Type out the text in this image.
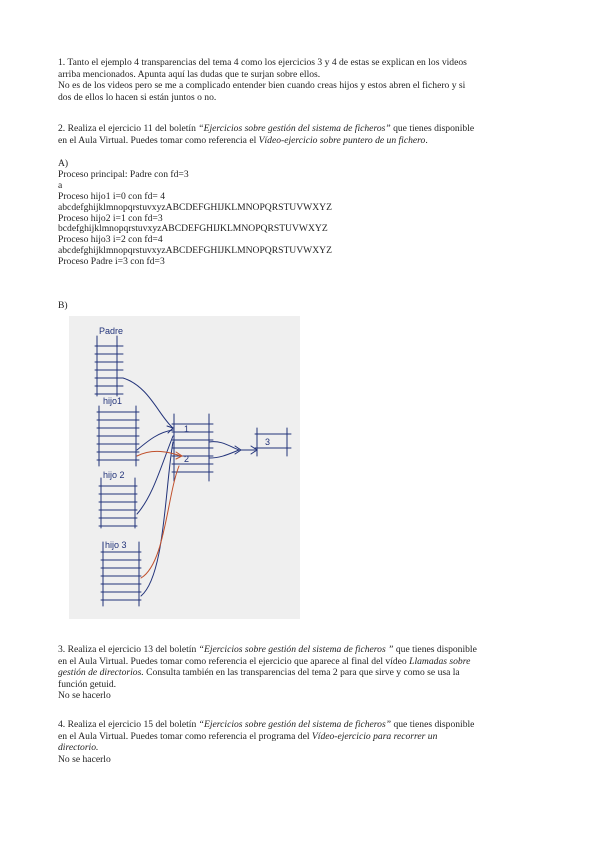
1. Tanto el ejemplo 4 transparencias del tema 4 como los ejercicios 3 y 4 de estas se explican en los videos
arriba mencionados. Apunta aquí las dudas que te surjan sobre ellos.
No es de los videos pero se me a complicado entender bien cuando creas hijos y estos abren el fichero y si
dos de ellos lo hacen si están juntos o no.
2. Realiza el ejercicio 11 del boletín “Ejercicios sobre gestión del sistema de ficheros” que tienes disponible
en el Aula Virtual. Puedes tomar como referencia el Vídeo-ejercicio sobre puntero de un fichero.
A)
Proceso principal: Padre con fd=3
a
Proceso hijo1 i=0 con fd= 4
abcdefghijklmnopqrstuvxyzABCDEFGHIJKLMNOPQRSTUVWXYZ
Proceso hijo2 i=1 con fd=3
bcdefghijklmnopqrstuvxyzABCDEFGHIJKLMNOPQRSTUVWXYZ
Proceso hijo3 i=2 con fd=4
abcdefghijklmnopqrstuvxyzABCDEFGHIJKLMNOPQRSTUVWXYZ
Proceso Padre i=3 con fd=3
B)
Padre
hijo1
hijo 2
hijo 3
1
2
3
3. Realiza el ejercicio 13 del boletín “Ejercicios sobre gestión del sistema de ficheros ” que tienes disponible
en el Aula Virtual. Puedes tomar como referencia el ejercicio que aparece al final del vídeo Llamadas sobre
gestión de directorios. Consulta también en las transparencias del tema 2 para que sirve y como se usa la
función getuid.
No se hacerlo
4. Realiza el ejercicio 15 del boletín “Ejercicios sobre gestión del sistema de ficheros” que tienes disponible
en el Aula Virtual. Puedes tomar como referencia el programa del Vídeo-ejercicio para recorrer un
directorio.
No se hacerlo
